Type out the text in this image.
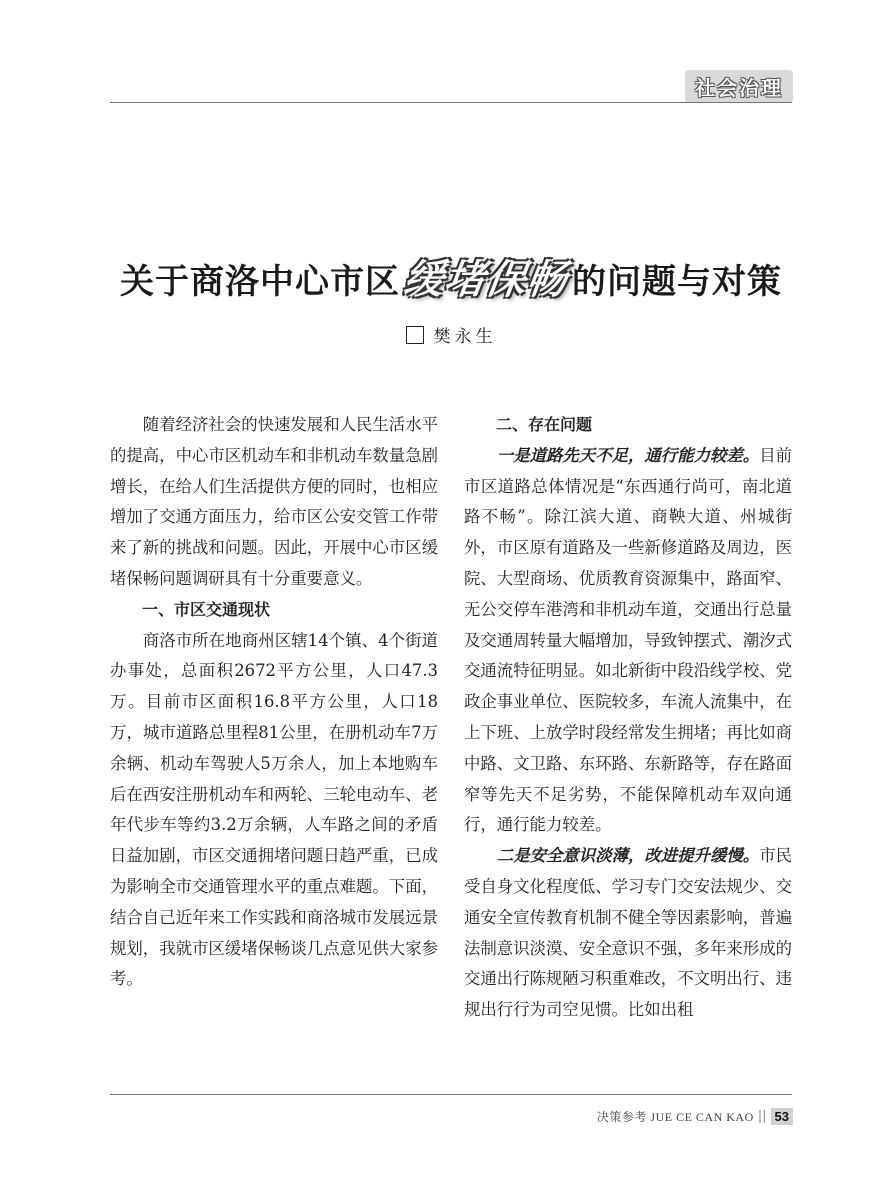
社会治理
关于商洛中心市区缓堵保畅的问题与对策
樊永生

随着经济社会的快速发展和人民生活水平的提高，中心市区机动车和非机动车数量急剧增长，在给人们生活提供方便的同时，也相应增加了交通方面压力，给市区公安交管工作带来了新的挑战和问题。因此，开展中心市区缓堵保畅问题调研具有十分重要意义。

一、市区交通现状

商洛市所在地商州区辖14个镇、4个街道办事处，总面积2672平方公里，人口47.3万。目前市区面积16.8平方公里，人口18万，城市道路总里程81公里，在册机动车7万余辆、机动车驾驶人5万余人，加上本地购车后在西安注册机动车和两轮、三轮电动车、老年代步车等约3.2万余辆，人车路之间的矛盾日益加剧，市区交通拥堵问题日趋严重，已成为影响全市交通管理水平的重点难题。下面，结合自己近年来工作实践和商洛城市发展远景规划，我就市区缓堵保畅谈几点意见供大家参考。

二、存在问题

一是道路先天不足，通行能力较差。目前市区道路总体情况是“东西通行尚可，南北道路不畅”。除江滨大道、商鞅大道、州城街外，市区原有道路及一些新修道路及周边，医院、大型商场、优质教育资源集中，路面窄、无公交停车港湾和非机动车道，交通出行总量及交通周转量大幅增加，导致钟摆式、潮汐式交通流特征明显。如北新街中段沿线学校、党政企事业单位、医院较多，车流人流集中，在上下班、上放学时段经常发生拥堵；再比如商中路、文卫路、东环路、东新路等，存在路面窄等先天不足劣势，不能保障机动车双向通行，通行能力较差。

二是安全意识淡薄，改进提升缓慢。市民受自身文化程度低、学习专门交安法规少、交通安全宣传教育机制不健全等因素影响，普遍法制意识淡漠、安全意识不强，多年来形成的交通出行陈规陋习积重难改，不文明出行、违规出行行为司空见惯。比如出租

决策参考 JUE CE CAN KAO || 53
